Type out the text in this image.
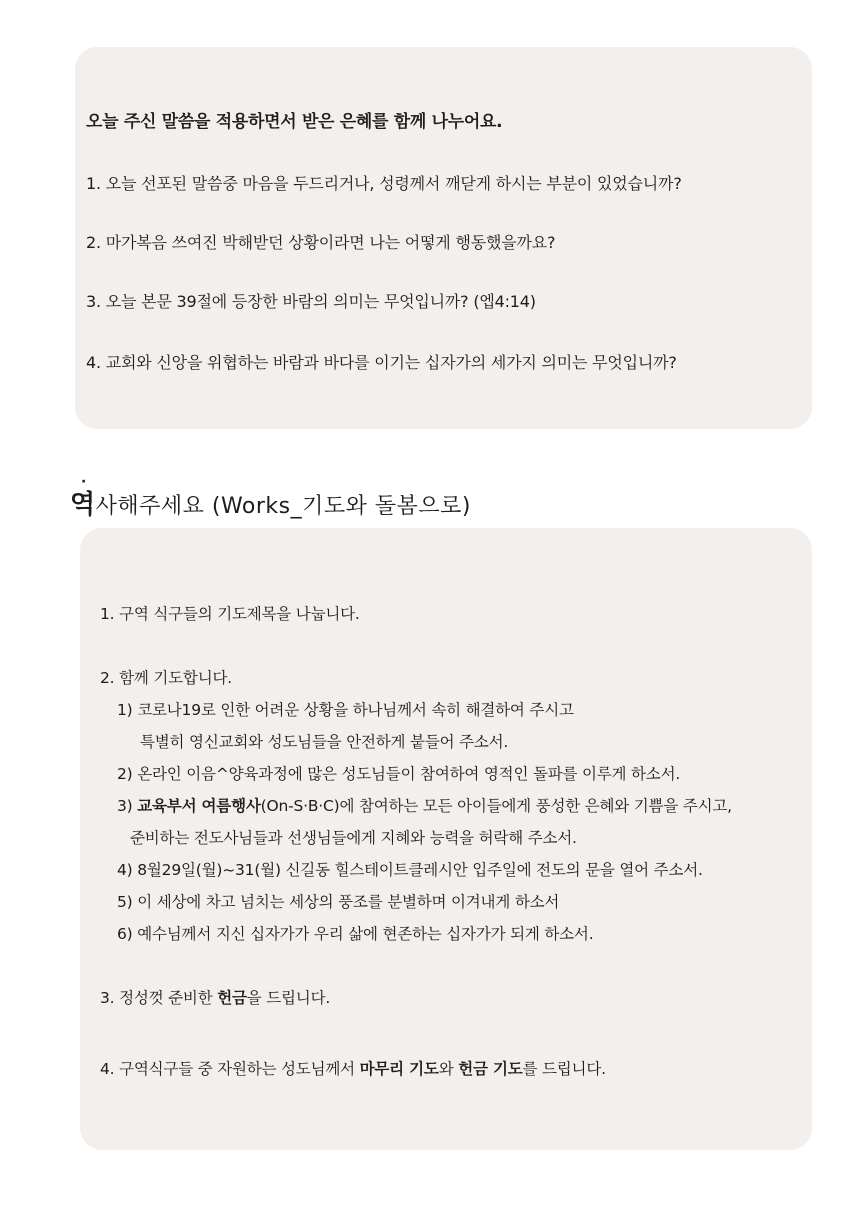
오늘 주신 말씀을 적용하면서 받은 은혜를 함께 나누어요.
1. 오늘 선포된 말씀중 마음을 두드리거나, 성령께서 깨닫게 하시는 부분이 있었습니까?
2. 마가복음 쓰여진 박해받던 상황이라면 나는 어떻게 행동했을까요?
3. 오늘 본문 39절에 등장한 바람의 의미는 무엇입니까? (엡4:14)
4. 교회와 신앙을 위협하는 바람과 바다를 이기는 십자가의 세가지 의미는 무엇입니까?
·
역사해주세요 (Works_기도와 돌봄으로)
1. 구역 식구들의 기도제목을 나눕니다.
2. 함께 기도합니다.
1) 코로나19로 인한 어려운 상황을 하나님께서 속히 해결하여 주시고
특별히 영신교회와 성도님들을 안전하게 붙들어 주소서.
2) 온라인 이음^양육과정에 많은 성도님들이 참여하여 영적인 돌파를 이루게 하소서.
3) 교육부서 여름행사(On-S·B·C)에 참여하는 모든 아이들에게 풍성한 은혜와 기쁨을 주시고,
준비하는 전도사님들과 선생님들에게 지혜와 능력을 허락해 주소서.
4) 8월29일(월)~31(월) 신길동 힐스테이트클레시안 입주일에 전도의 문을 열어 주소서.
5) 이 세상에 차고 넘치는 세상의 풍조를 분별하며 이겨내게 하소서
6) 예수님께서 지신 십자가가 우리 삶에 현존하는 십자가가 되게 하소서.
3. 정성껏 준비한 헌금을 드립니다.
4. 구역식구들 중 자원하는 성도님께서 마무리 기도와 헌금 기도를 드립니다.
